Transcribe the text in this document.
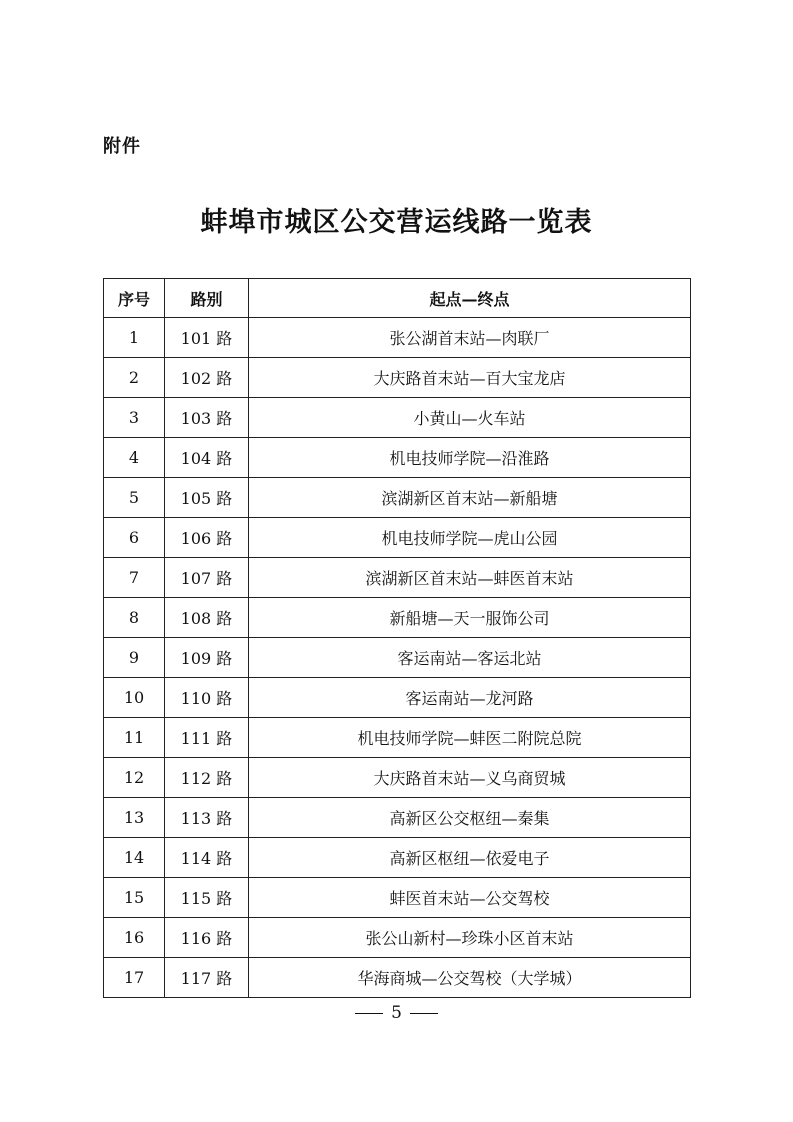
附件
蚌埠市城区公交营运线路一览表
序号	路别	起点—终点
1	101 路	张公湖首末站—肉联厂
2	102 路	大庆路首末站—百大宝龙店
3	103 路	小黄山—火车站
4	104 路	机电技师学院—沿淮路
5	105 路	滨湖新区首末站—新船塘
6	106 路	机电技师学院—虎山公园
7	107 路	滨湖新区首末站—蚌医首末站
8	108 路	新船塘—天一服饰公司
9	109 路	客运南站—客运北站
10	110 路	客运南站—龙河路
11	111 路	机电技师学院—蚌医二附院总院
12	112 路	大庆路首末站—义乌商贸城
13	113 路	高新区公交枢纽—秦集
14	114 路	高新区枢纽—依爱电子
15	115 路	蚌医首末站—公交驾校
16	116 路	张公山新村—珍珠小区首末站
17	117 路	华海商城—公交驾校（大学城）
5
